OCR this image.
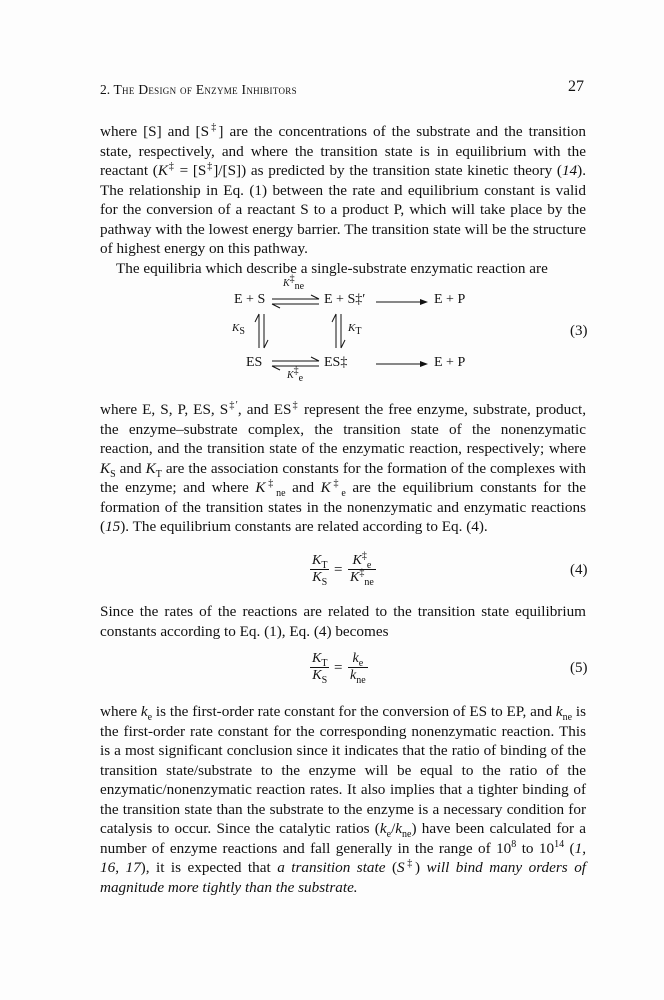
2. The Design of Enzyme Inhibitors	27

where [S] and [S‡] are the concentrations of the substrate and the transition state, respectively, and where the transition state is in equilibrium with the reactant (K‡ = [S‡]/[S]) as predicted by the transition state kinetic theory (14). The relationship in Eq. (1) between the rate and equilibrium constant is valid for the conversion of a reactant S to a product P, which will take place by the pathway with the lowest energy barrier. The transition state will be the structure of highest energy on this pathway.

The equilibria which describe a single-substrate enzymatic reaction are

$K^\ddagger_{ne}$
E + S	E + S‡′	E + P
$K_S$	$K_T$	(3)
ES	ES‡	E + P
$K^\ddagger_e$

where E, S, P, ES, S‡′, and ES‡ represent the free enzyme, substrate, product, the enzyme–substrate complex, the transition state of the nonenzymatic reaction, and the transition state of the enzymatic reaction, respectively; where $K_S$ and $K_T$ are the association constants for the formation of the complexes with the enzyme; and where $K^\ddagger_{ne}$ and $K^\ddagger_e$ are the equilibrium constants for the formation of the transition states in the nonenzymatic and enzymatic reactions (15). The equilibrium constants are related according to Eq. (4).

$\frac{K_T}{K_S} = \frac{K^\ddagger_e}{K^\ddagger_{ne}}$	(4)

Since the rates of the reactions are related to the transition state equilibrium constants according to Eq. (1), Eq. (4) becomes

$\frac{K_T}{K_S}$ =
$k_e$
$k_{ne}$
(5)

where $k_e$ is the first-order rate constant for the conversion of ES to EP, and $k_{ne}$ is the first-order rate constant for the corresponding nonenzymatic reaction. This is a most significant conclusion since it indicates that the ratio of binding of the transition state/substrate to the enzyme will be equal to the ratio of the enzymatic/nonenzymatic reaction rates. It also implies that a tighter binding of the transition state than the substrate to the enzyme is a necessary condition for catalysis to occur. Since the catalytic ratios $(k_e/k_{ne})$ have been calculated for a number of enzyme reactions and fall generally in the range of $10^8$ to $10^{14}$ (1, 16, 17), it is expected that a transition state (S‡) will bind many orders of magnitude more tightly than the substrate.
